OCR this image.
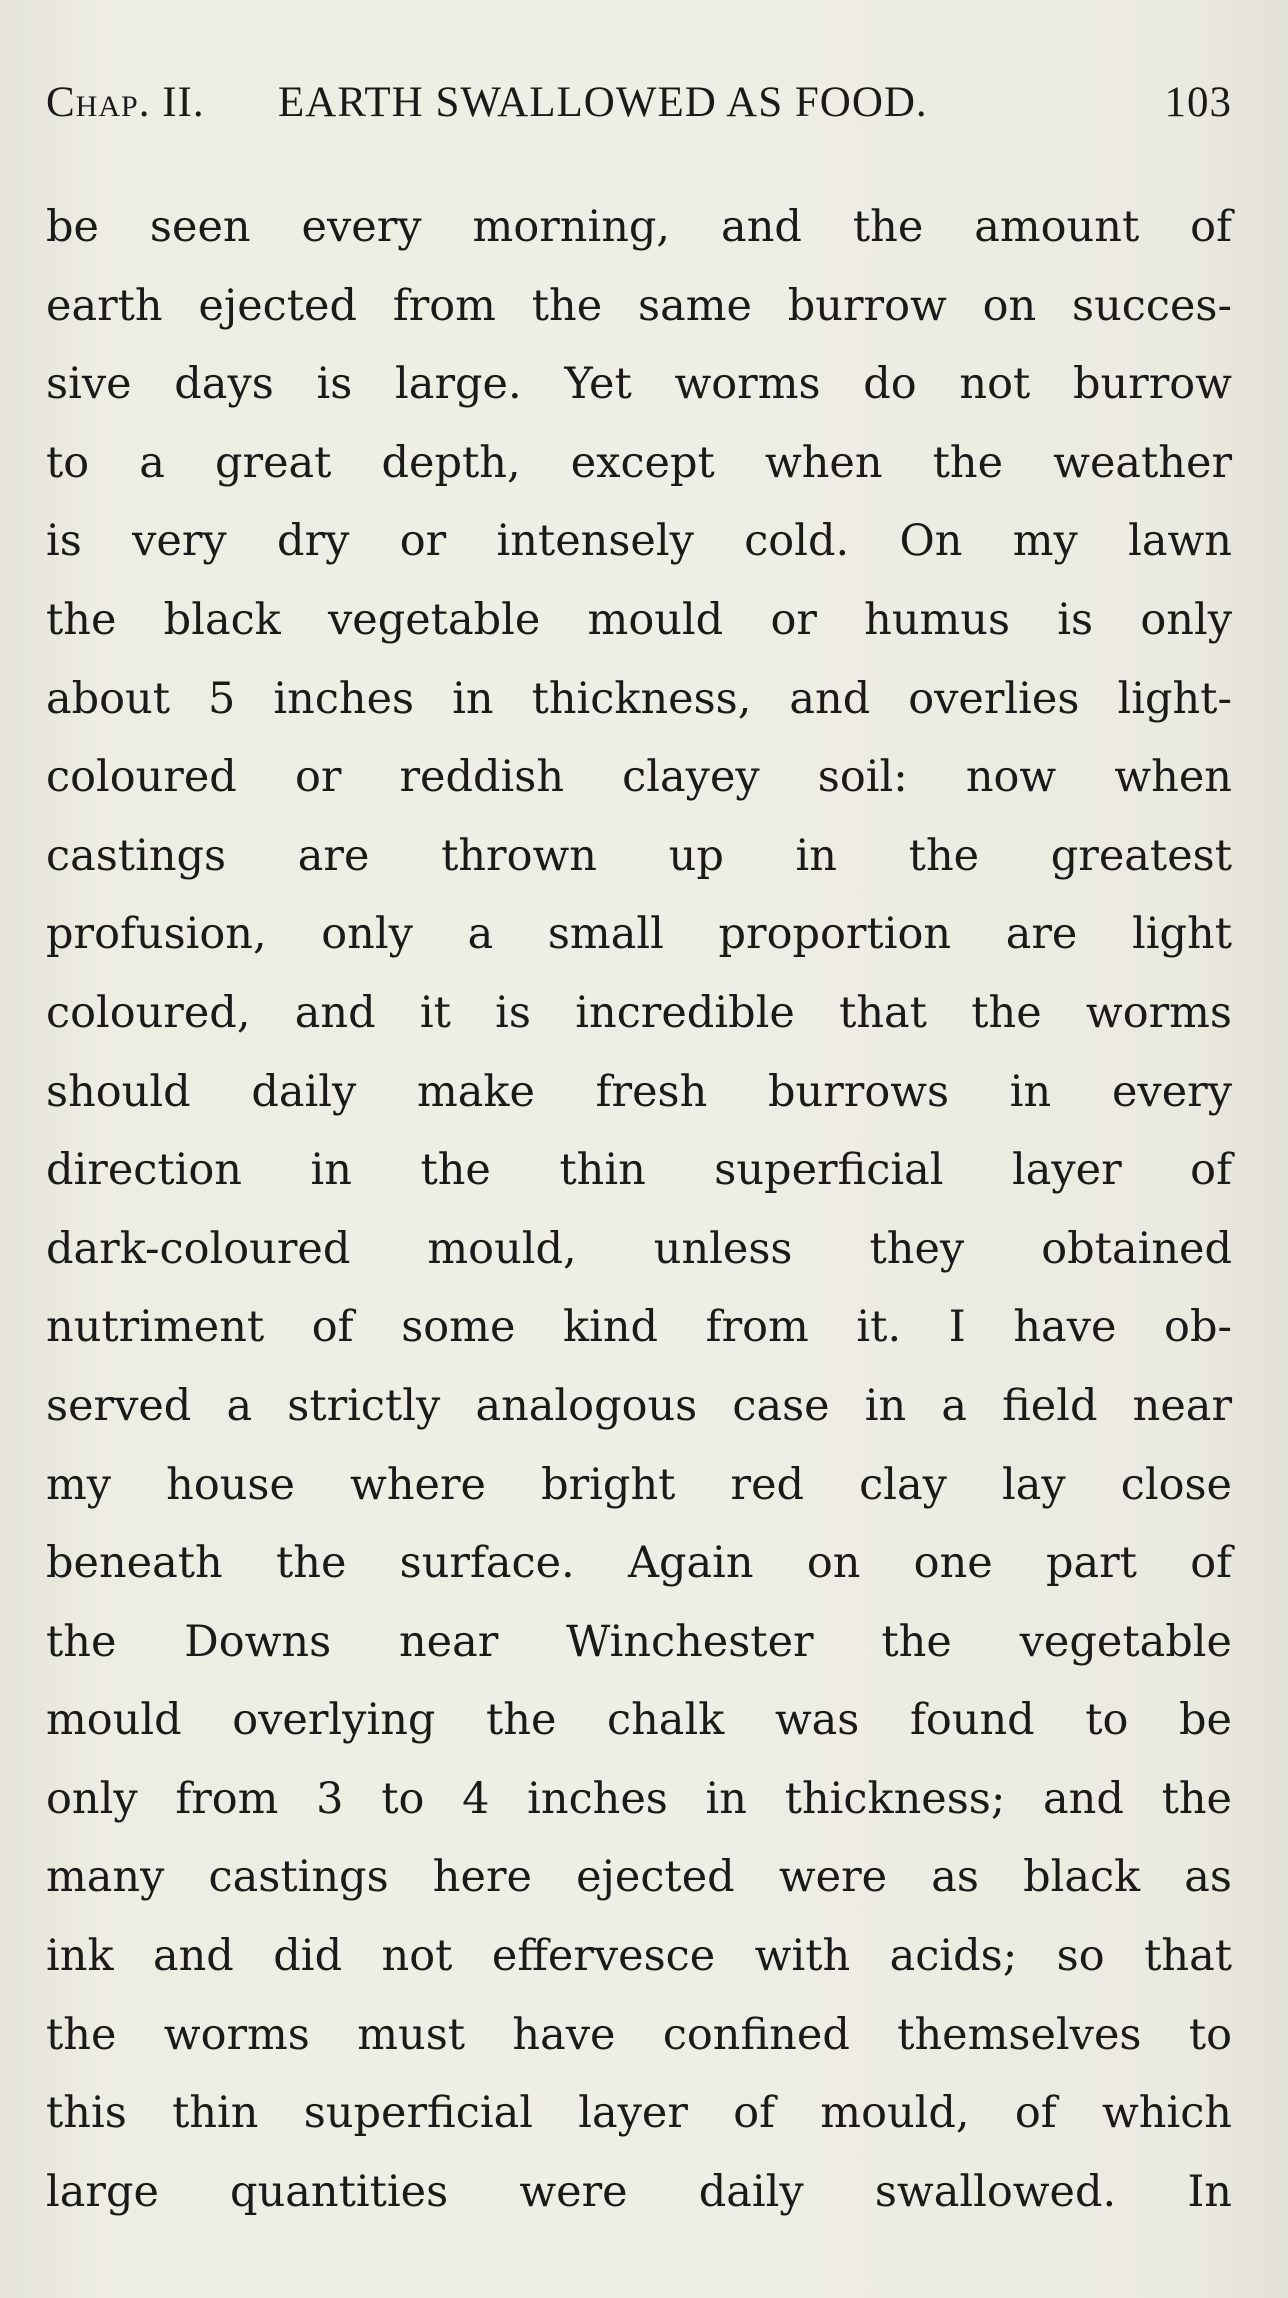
Chap. II. EARTH SWALLOWED AS FOOD.	103
be seen every morning, and the amount of
earth ejected from the same burrow on succes-
sive days is large. Yet worms do not burrow
to a great depth, except when the weather
is very dry or intensely cold. On my lawn
the black vegetable mould or humus is only
about 5 inches in thickness, and overlies light-
coloured or reddish clayey soil: now when
castings are thrown up in the greatest
profusion, only a small proportion are light
coloured, and it is incredible that the worms
should daily make fresh burrows in every
direction in the thin superficial layer of
dark-coloured mould, unless they obtained
nutriment of some kind from it. I have ob-
served a strictly analogous case in a field near
my house where bright red clay lay close
beneath the surface. Again on one part of
the Downs near Winchester the vegetable
mould overlying the chalk was found to be
only from 3 to 4 inches in thickness; and the
many castings here ejected were as black as
ink and did not effervesce with acids; so that
the worms must have confined themselves to
this thin superficial layer of mould, of which
large quantities were daily swallowed. In
